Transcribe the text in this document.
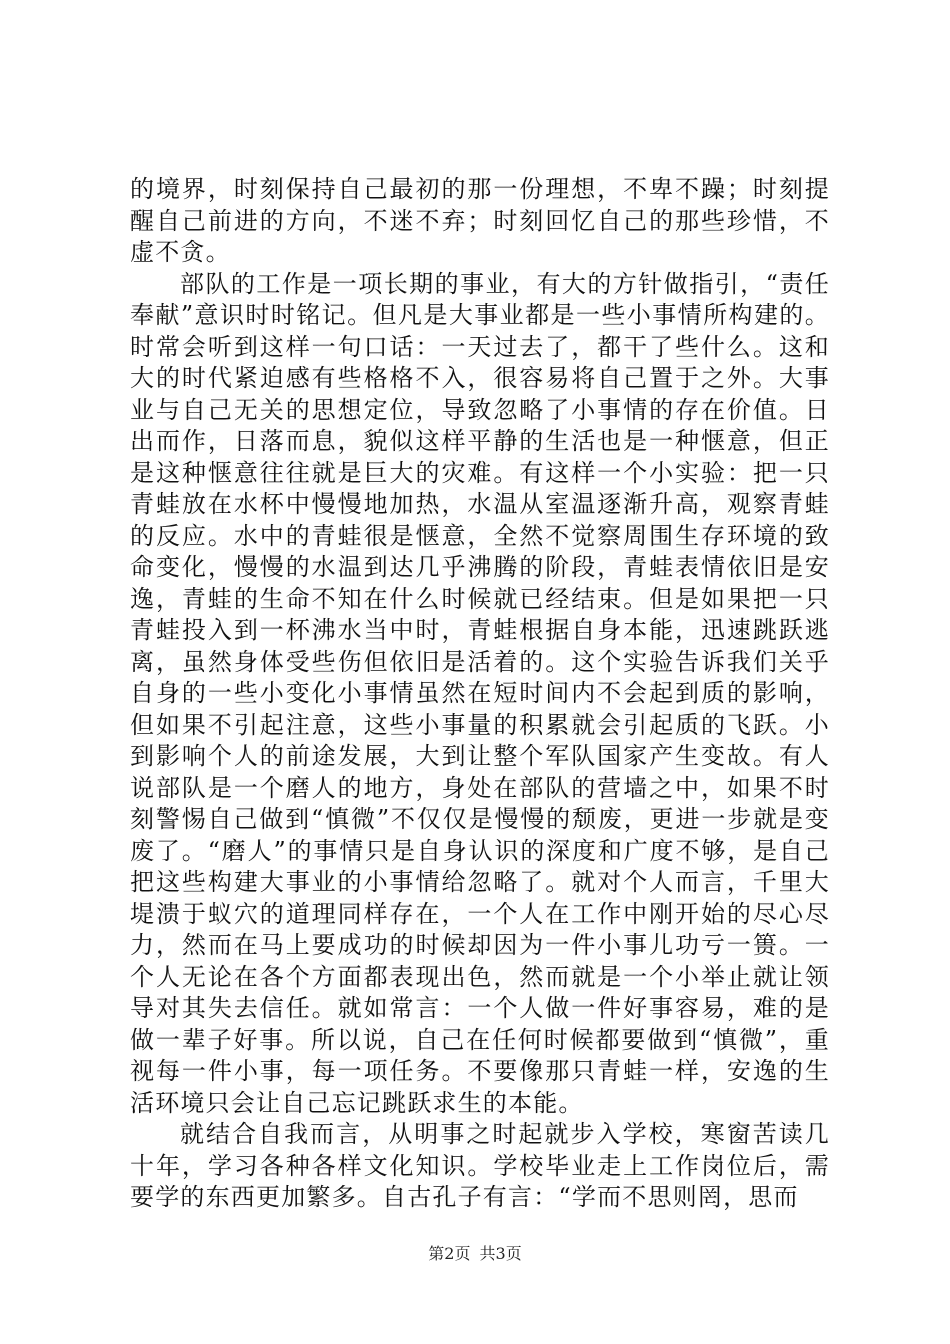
的境界，时刻保持自己最初的那一份理想，不卑不躁；时刻提醒自己前进的方向，不迷不弃；时刻回忆自己的那些珍惜，不虚不贪。

部队的工作是一项长期的事业，有大的方针做指引，“责任奉献”意识时时铭记。但凡是大事业都是一些小事情所构建的。时常会听到这样一句口话：一天过去了，都干了些什么。这和大的时代紧迫感有些格格不入，很容易将自己置于之外。大事业与自己无关的思想定位，导致忽略了小事情的存在价值。日出而作，日落而息，貌似这样平静的生活也是一种惬意，但正是这种惬意往往就是巨大的灾难。有这样一个小实验：把一只青蛙放在水杯中慢慢地加热，水温从室温逐渐升高，观察青蛙的反应。水中的青蛙很是惬意，全然不觉察周围生存环境的致命变化，慢慢的水温到达几乎沸腾的阶段，青蛙表情依旧是安逸，青蛙的生命不知在什么时候就已经结束。但是如果把一只青蛙投入到一杯沸水当中时，青蛙根据自身本能，迅速跳跃逃离，虽然身体受些伤但依旧是活着的。这个实验告诉我们关乎自身的一些小变化小事情虽然在短时间内不会起到质的影响，但如果不引起注意，这些小事量的积累就会引起质的飞跃。小到影响个人的前途发展，大到让整个军队国家产生变故。有人说部队是一个磨人的地方，身处在部队的营墙之中，如果不时刻警惕自己做到“慎微”不仅仅是慢慢的颓废，更进一步就是变废了。“磨人”的事情只是自身认识的深度和广度不够，是自己把这些构建大事业的小事情给忽略了。就对个人而言，千里大堤溃于蚁穴的道理同样存在，一个人在工作中刚开始的尽心尽力，然而在马上要成功的时候却因为一件小事儿功亏一篑。一个人无论在各个方面都表现出色，然而就是一个小举止就让领导对其失去信任。就如常言：一个人做一件好事容易，难的是做一辈子好事。所以说，自己在任何时候都要做到“慎微”，重视每一件小事，每一项任务。不要像那只青蛙一样，安逸的生活环境只会让自己忘记跳跃求生的本能。

就结合自我而言，从明事之时起就步入学校，寒窗苦读几十年，学习各种各样文化知识。学校毕业走上工作岗位后，需要学的东西更加繁多。自古孔子有言：“学而不思则罔，思而

第2页 共3页
